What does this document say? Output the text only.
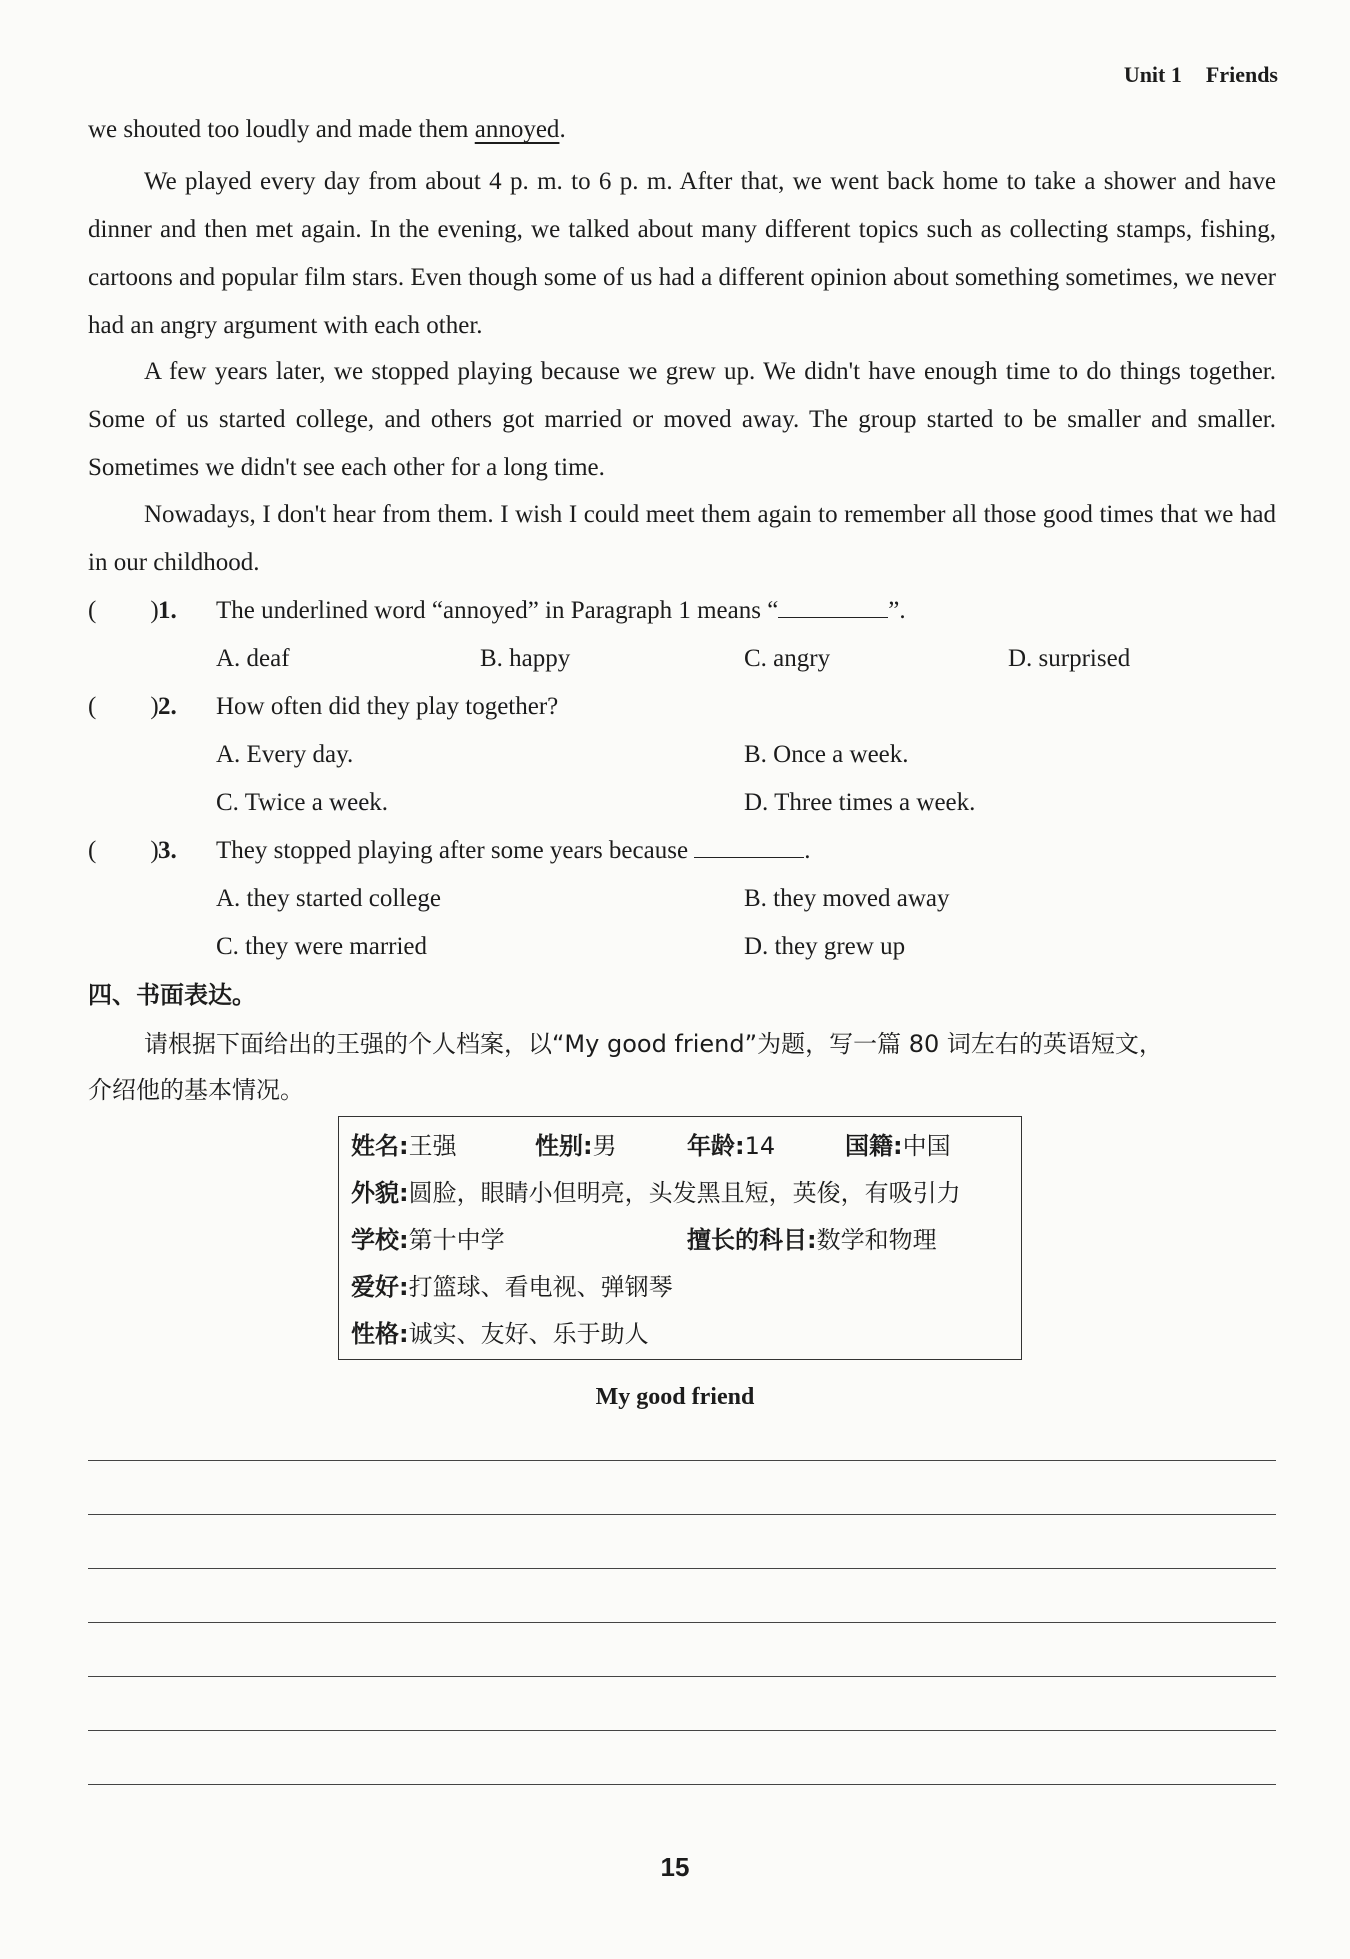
Unit 1 Friends

we shouted too loudly and made them annoyed.

We played every day from about 4 p. m. to 6 p. m. After that, we went back home to take a shower and have dinner and then met again. In the evening, we talked about many different topics such as collecting stamps, fishing, cartoons and popular film stars. Even though some of us had a different opinion about something sometimes, we never had an angry argument with each other.

A few years later, we stopped playing because we grew up. We didn't have enough time to do things together. Some of us started college, and others got married or moved away. The group started to be smaller and smaller. Sometimes we didn't see each other for a long time.

Nowadays, I don't hear from them. I wish I could meet them again to remember all those good times that we had in our childhood.

( ) 1. The underlined word “annoyed” in Paragraph 1 means “	”.
A. deaf	B. happy	C. angry	D. surprised
( ) 2. How often did they play together?
A. Every day.	B. Once a week.
C. Twice a week.	D. Three times a week.
( ) 3. They stopped playing after some years because	.
A. they started college	B. they moved away
C. they were married	D. they grew up
四、书面表达。
请根据下面给出的王强的个人档案，以“My good friend”为题，写一篇 80 词左右的英语短文，
介绍他的基本情况。
姓名:王强	性别:男	年龄:14	国籍:中国
外貌:圆脸，眼睛小但明亮，头发黑且短，英俊，有吸引力
学校:第十中学	擅长的科目:数学和物理
爱好:打篮球、看电视、弹钢琴
性格:诚实、友好、乐于助人
My good friend
15
